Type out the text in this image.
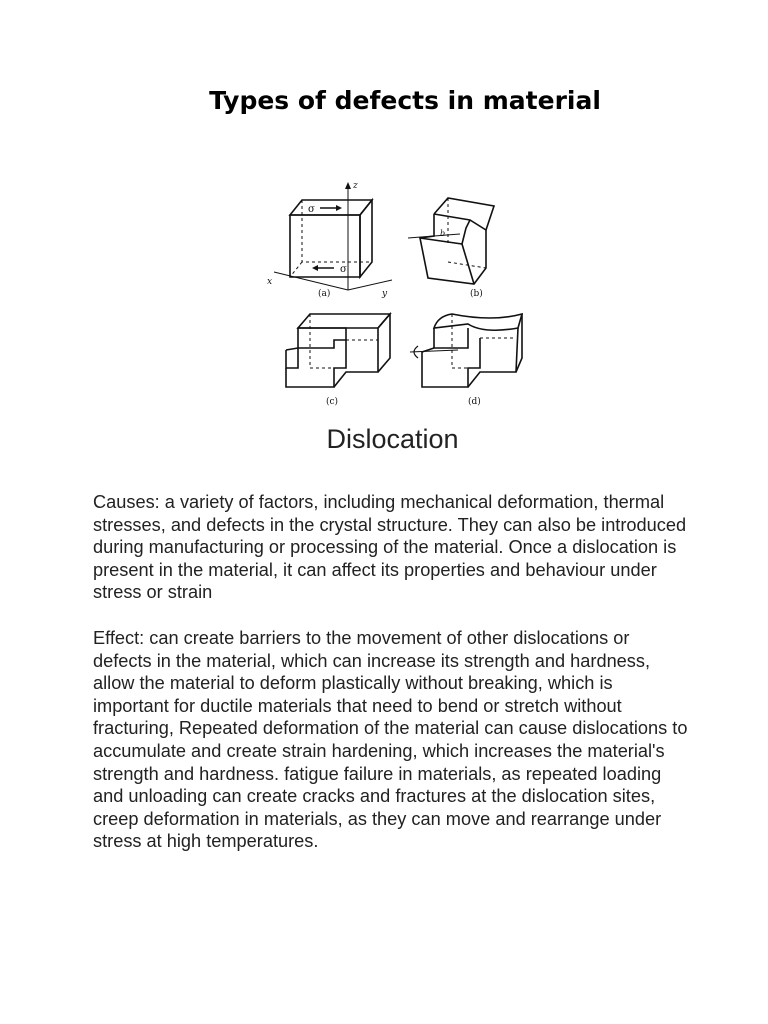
Types of defects in material
σ
σ
z
x
y
(a)
b
(b)
(c)	(d)
Dislocation
Causes: a variety of factors, including mechanical deformation, thermal stresses, and defects in the crystal structure. They can also be introduced during manufacturing or processing of the material. Once a dislocation is present in the material, it can affect its properties and behaviour under stress or strain
Effect: can create barriers to the movement of other dislocations or defects in the material, which can increase its strength and hardness, allow the material to deform plastically without breaking, which is important for ductile materials that need to bend or stretch without fracturing, Repeated deformation of the material can cause dislocations to accumulate and create strain hardening, which increases the material's strength and hardness. fatigue failure in materials, as repeated loading and unloading can create cracks and fractures at the dislocation sites, creep deformation in materials, as they can move and rearrange under stress at high temperatures.
